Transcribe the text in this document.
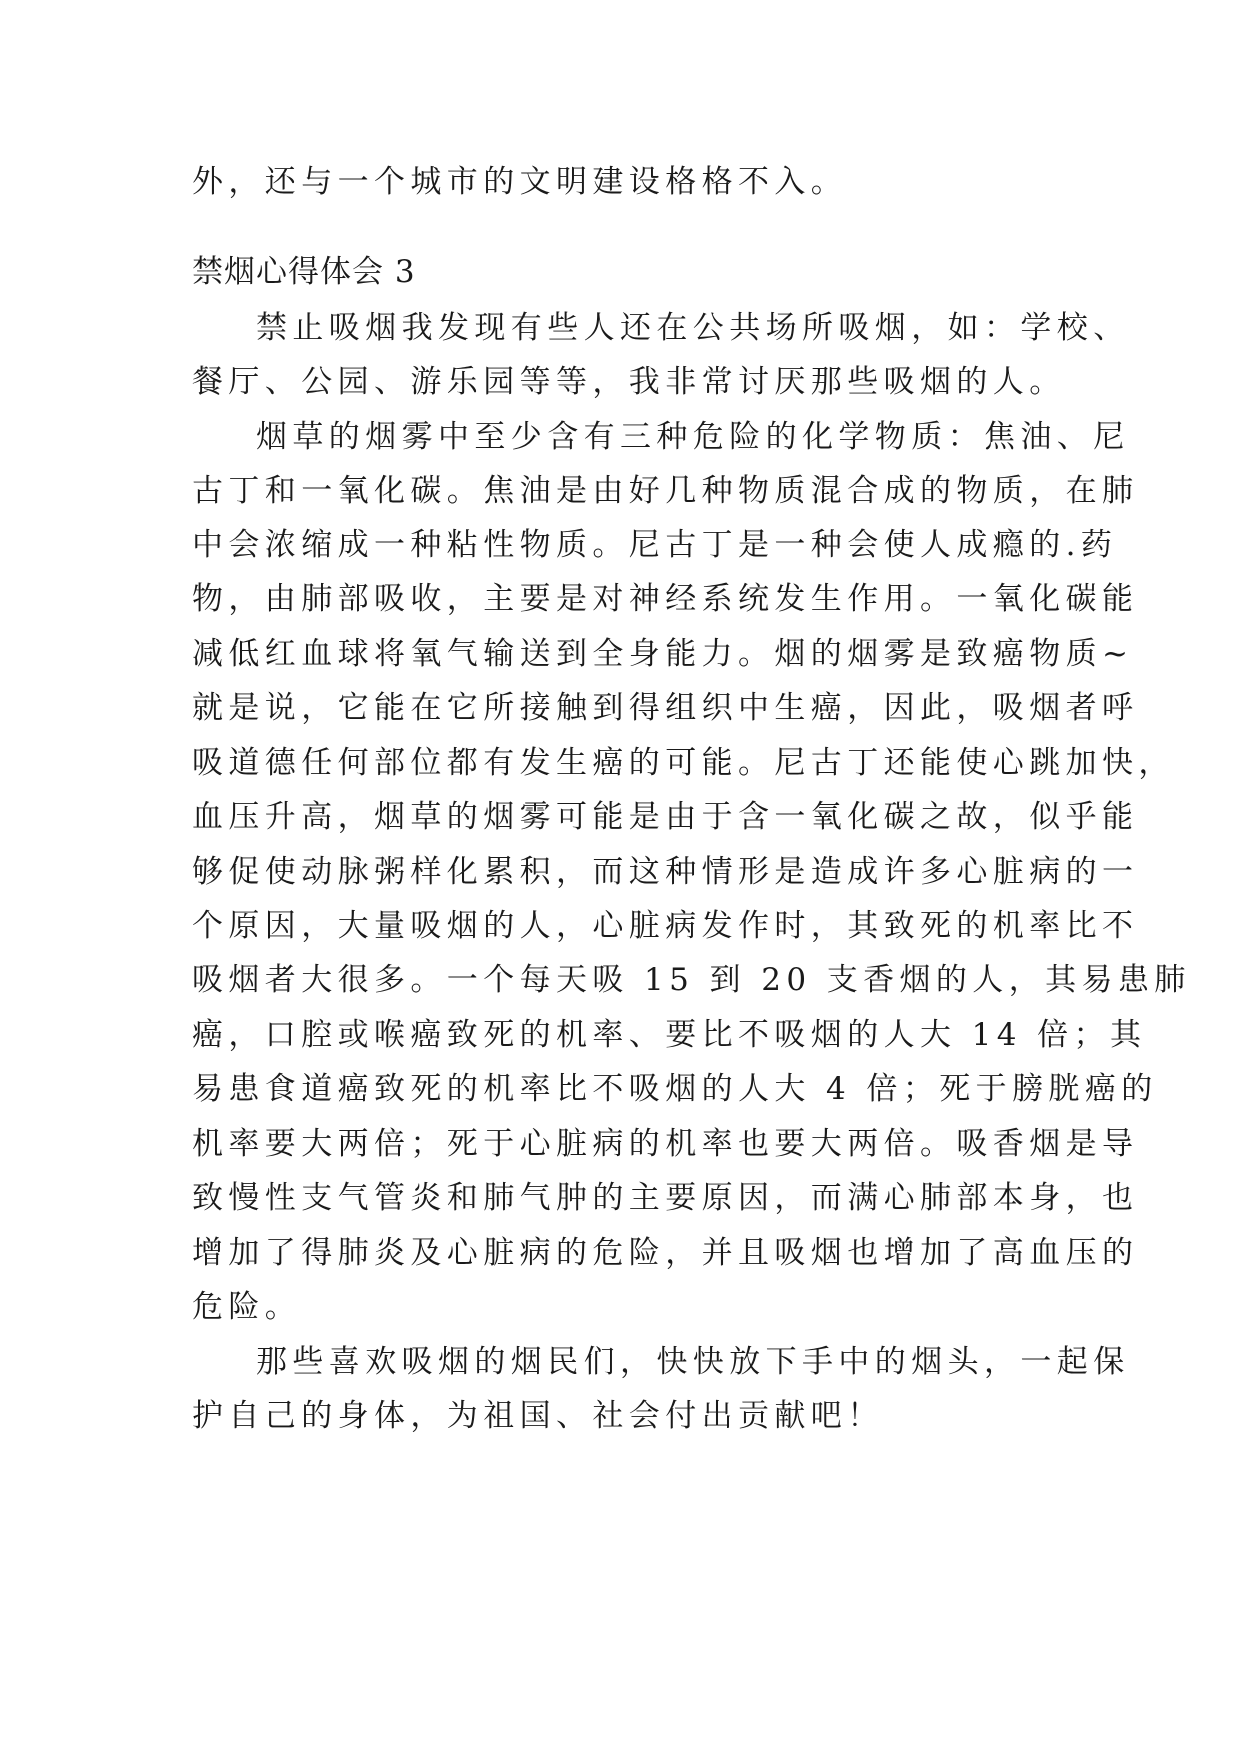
外，还与一个城市的文明建设格格不入。
禁烟心得体会 3
禁止吸烟我发现有些人还在公共场所吸烟，如：学校、
餐厅、公园、游乐园等等，我非常讨厌那些吸烟的人。
烟草的烟雾中至少含有三种危险的化学物质：焦油、尼
古丁和一氧化碳。焦油是由好几种物质混合成的物质，在肺
中会浓缩成一种粘性物质。尼古丁是一种会使人成瘾的.药
物，由肺部吸收，主要是对神经系统发生作用。一氧化碳能
减低红血球将氧气输送到全身能力。烟的烟雾是致癌物质~
就是说，它能在它所接触到得组织中生癌，因此，吸烟者呼
吸道德任何部位都有发生癌的可能。尼古丁还能使心跳加快，
血压升高，烟草的烟雾可能是由于含一氧化碳之故，似乎能
够促使动脉粥样化累积，而这种情形是造成许多心脏病的一
个原因，大量吸烟的人，心脏病发作时，其致死的机率比不
吸烟者大很多。一个每天吸 15 到 20 支香烟的人，其易患肺
癌，口腔或喉癌致死的机率、要比不吸烟的人大 14 倍；其
易患食道癌致死的机率比不吸烟的人大 4 倍；死于膀胱癌的
机率要大两倍；死于心脏病的机率也要大两倍。吸香烟是导
致慢性支气管炎和肺气肿的主要原因，而满心肺部本身，也
增加了得肺炎及心脏病的危险，并且吸烟也增加了高血压的
危险。
那些喜欢吸烟的烟民们，快快放下手中的烟头，一起保
护自己的身体，为祖国、社会付出贡献吧！
